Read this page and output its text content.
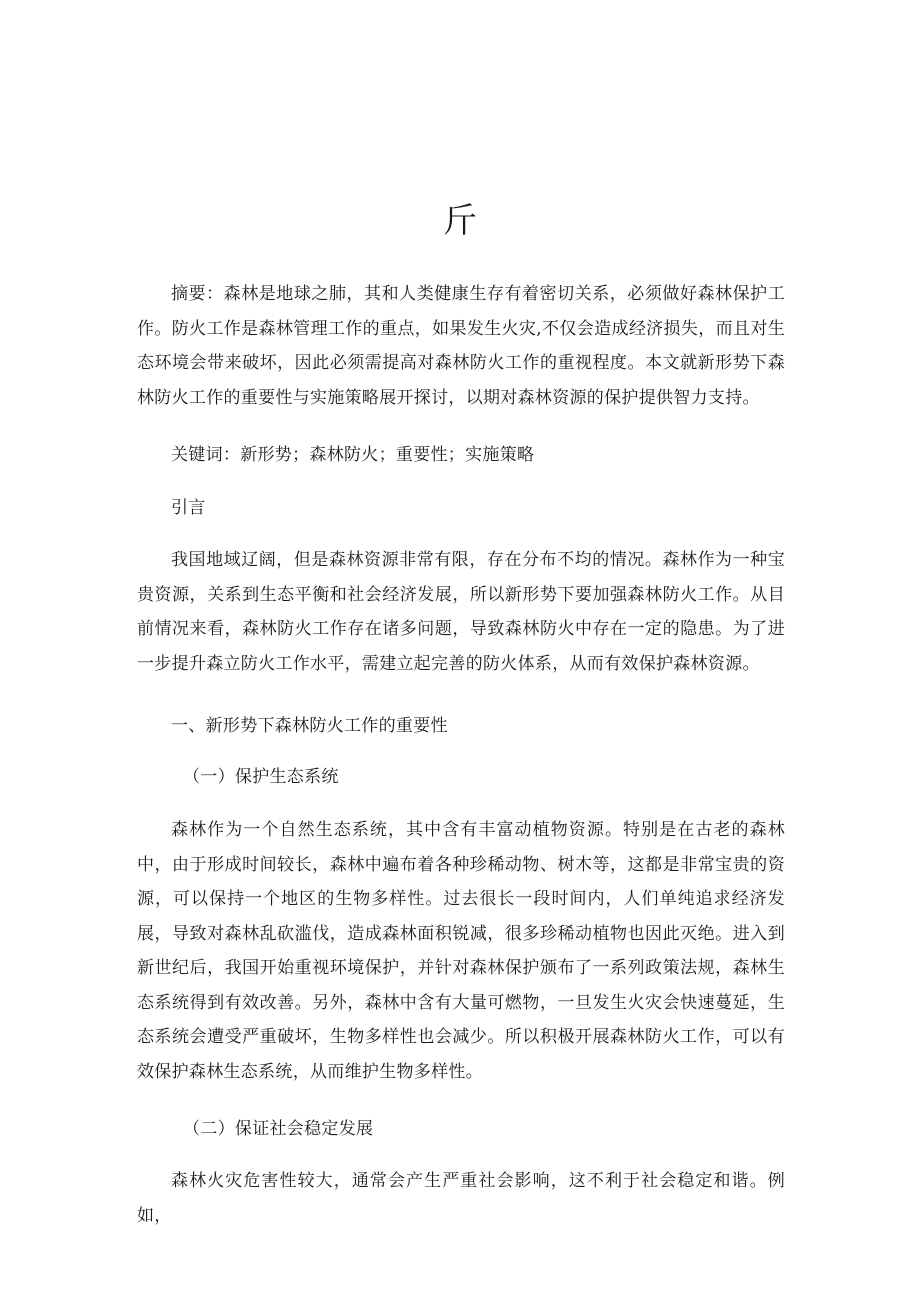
斤

摘要：森林是地球之肺，其和人类健康生存有着密切关系，必须做好森林保护工作。防火工作是森林管理工作的重点，如果发生火灾,不仅会造成经济损失，而且对生态环境会带来破坏，因此必须需提高对森林防火工作的重视程度。本文就新形势下森林防火工作的重要性与实施策略展开探讨，以期对森林资源的保护提供智力支持。

关键词：新形势；森林防火；重要性；实施策略

引言

我国地域辽阔，但是森林资源非常有限，存在分布不均的情况。森林作为一种宝贵资源，关系到生态平衡和社会经济发展，所以新形势下要加强森林防火工作。从目前情况来看，森林防火工作存在诸多问题，导致森林防火中存在一定的隐患。为了进一步提升森立防火工作水平，需建立起完善的防火体系，从而有效保护森林资源。

一、新形势下森林防火工作的重要性

（一）保护生态系统

森林作为一个自然生态系统，其中含有丰富动植物资源。特别是在古老的森林中，由于形成时间较长，森林中遍布着各种珍稀动物、树木等，这都是非常宝贵的资源，可以保持一个地区的生物多样性。过去很长一段时间内，人们单纯追求经济发展，导致对森林乱砍滥伐，造成森林面积锐减，很多珍稀动植物也因此灭绝。进入到新世纪后，我国开始重视环境保护，并针对森林保护颁布了一系列政策法规，森林生态系统得到有效改善。另外，森林中含有大量可燃物，一旦发生火灾会快速蔓延，生态系统会遭受严重破坏，生物多样性也会减少。所以积极开展森林防火工作，可以有效保护森林生态系统，从而维护生物多样性。

（二）保证社会稳定发展

森林火灾危害性较大，通常会产生严重社会影响，这不利于社会稳定和谐。例如，
